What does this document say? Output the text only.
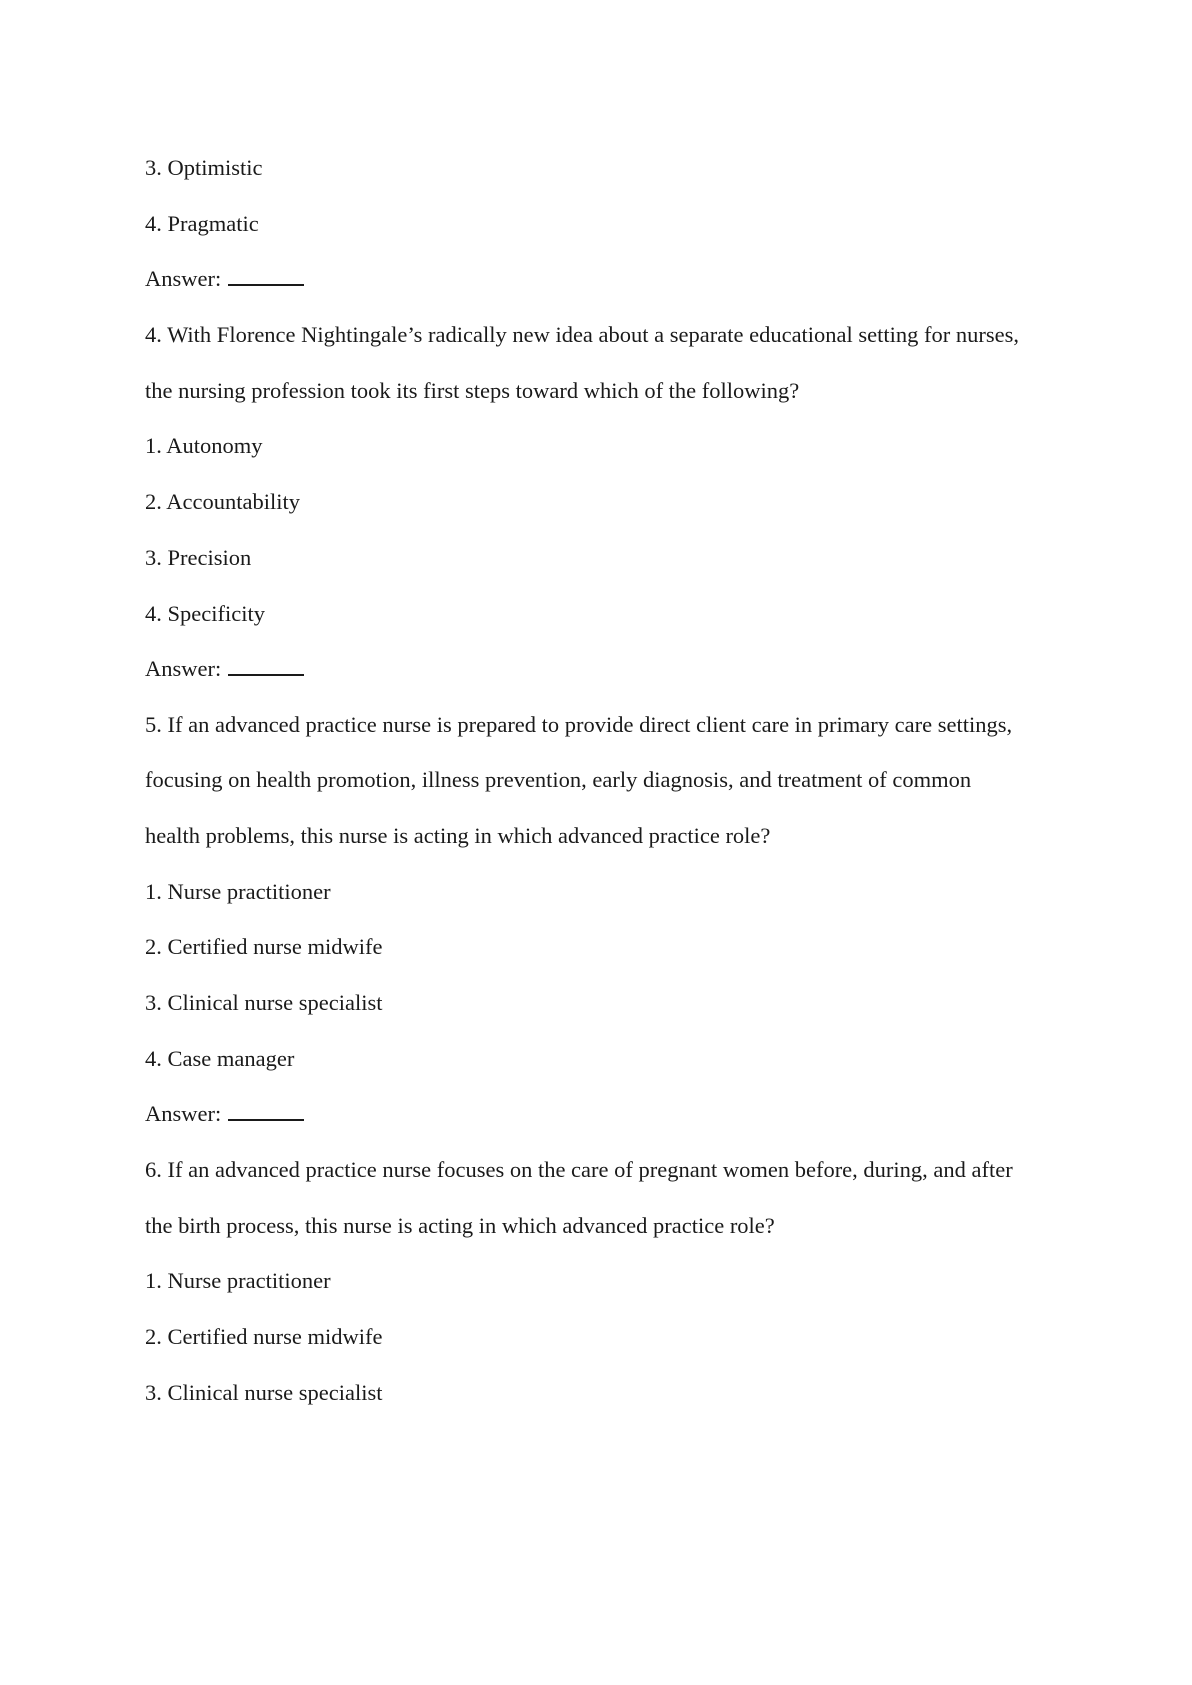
3. Optimistic

4. Pragmatic

Answer:

4. With Florence Nightingale’s radically new idea about a separate educational setting for nurses,

the nursing profession took its first steps toward which of the following?

1. Autonomy

2. Accountability

3. Precision

4. Specificity

Answer:

5. If an advanced practice nurse is prepared to provide direct client care in primary care settings,

focusing on health promotion, illness prevention, early diagnosis, and treatment of common

health problems, this nurse is acting in which advanced practice role?

1. Nurse practitioner

2. Certified nurse midwife

3. Clinical nurse specialist

4. Case manager

Answer:

6. If an advanced practice nurse focuses on the care of pregnant women before, during, and after

the birth process, this nurse is acting in which advanced practice role?

1. Nurse practitioner

2. Certified nurse midwife

3. Clinical nurse specialist
